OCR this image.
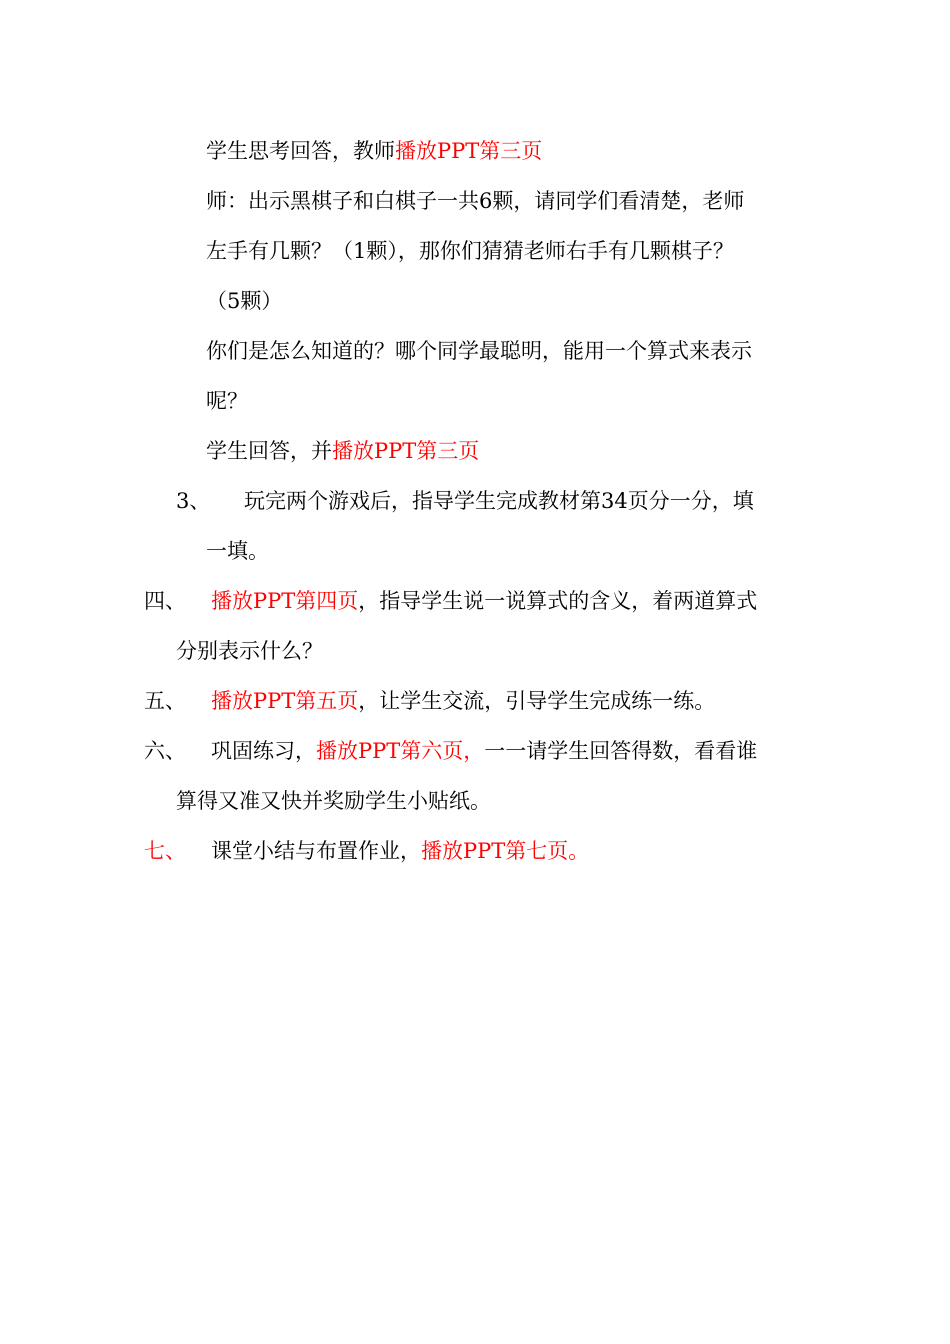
学生思考回答，教师播放PPT第三页
师：出示黑棋子和白棋子一共6颗，请同学们看清楚，老师
左手有几颗？（1颗），那你们猜猜老师右手有几颗棋子？
（5颗）
你们是怎么知道的？哪个同学最聪明，能用一个算式来表示
呢？
学生回答，并播放PPT第三页
3、 玩完两个游戏后，指导学生完成教材第34页分一分，填
一填。
四、 播放PPT第四页，指导学生说一说算式的含义，着两道算式
分别表示什么？
五、 播放PPT第五页，让学生交流，引导学生完成练一练。
六、 巩固练习，播放PPT第六页，一一请学生回答得数，看看谁
算得又准又快并奖励学生小贴纸。
七、 课堂小结与布置作业，播放PPT第七页。
